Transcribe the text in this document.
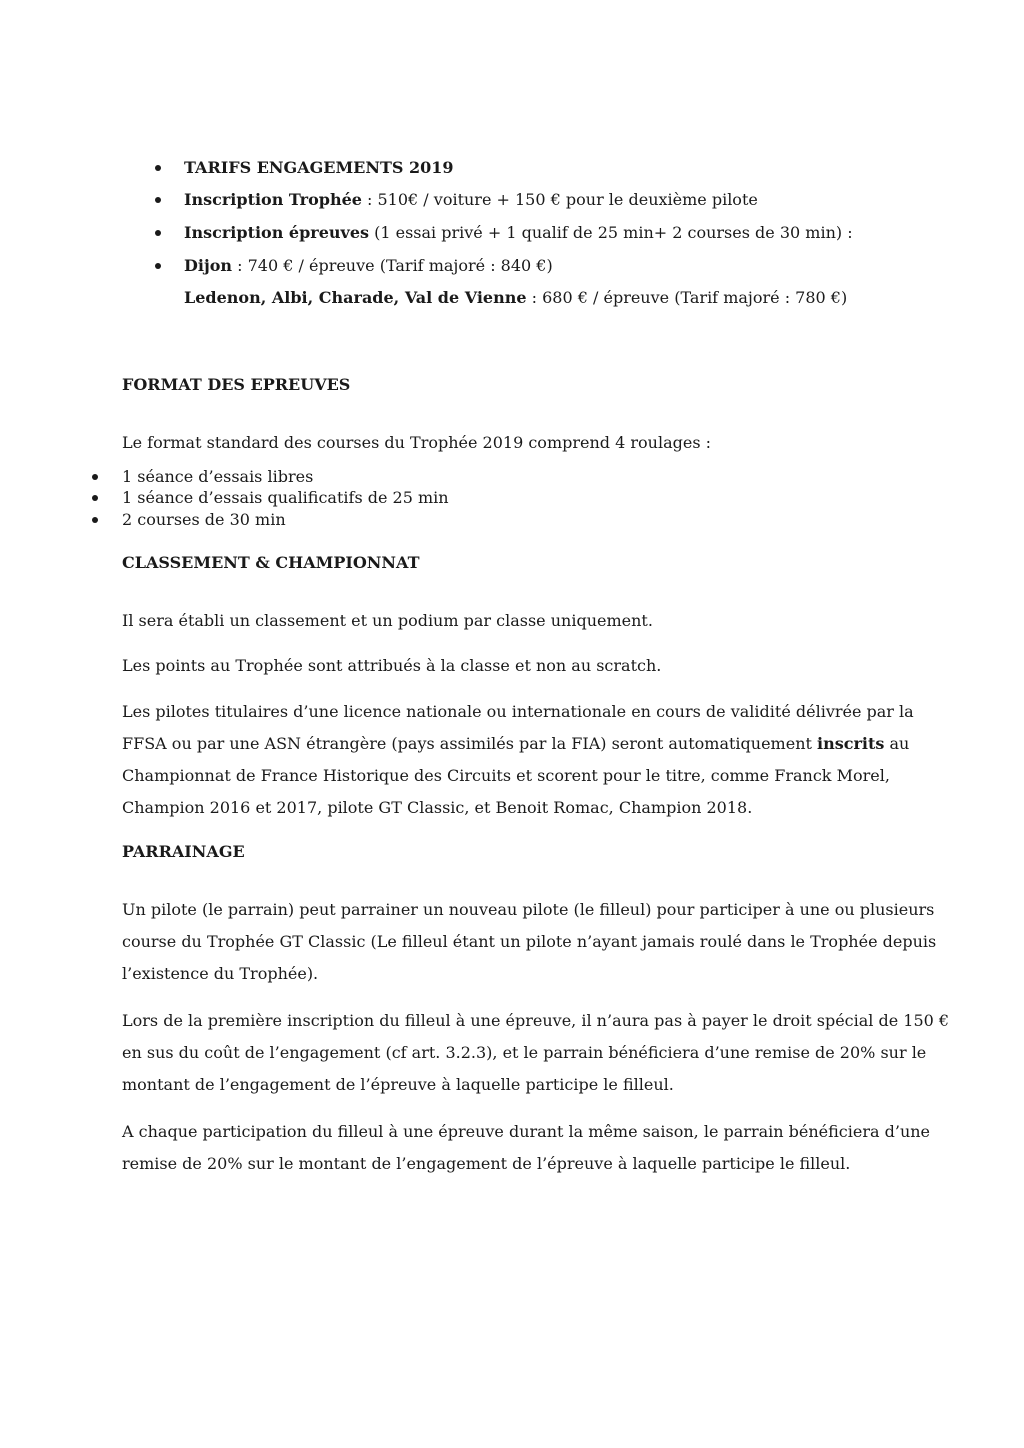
TARIFS ENGAGEMENTS 2019
Inscription Trophée : 510€ / voiture + 150 € pour le deuxième pilote
Inscription épreuves (1 essai privé + 1 qualif de 25 min+ 2 courses de 30 min) :
Dijon : 740 € / épreuve (Tarif majoré : 840 €)
Ledenon, Albi, Charade, Val de Vienne : 680 € / épreuve (Tarif majoré : 780 €)
FORMAT DES EPREUVES
Le format standard des courses du Trophée 2019 comprend 4 roulages :
1 séance d’essais libres
1 séance d’essais qualificatifs de 25 min
2 courses de 30 min
CLASSEMENT & CHAMPIONNAT
Il sera établi un classement et un podium par classe uniquement.
Les points au Trophée sont attribués à la classe et non au scratch.
Les pilotes titulaires d’une licence nationale ou internationale en cours de validité délivrée par la
FFSA ou par une ASN étrangère (pays assimilés par la FIA) seront automatiquement inscrits au
Championnat de France Historique des Circuits et scorent pour le titre, comme Franck Morel,
Champion 2016 et 2017, pilote GT Classic, et Benoit Romac, Champion 2018.
PARRAINAGE
Un pilote (le parrain) peut parrainer un nouveau pilote (le filleul) pour participer à une ou plusieurs
course du Trophée GT Classic (Le filleul étant un pilote n’ayant jamais roulé dans le Trophée depuis
l’existence du Trophée).
Lors de la première inscription du filleul à une épreuve, il n’aura pas à payer le droit spécial de 150 €
en sus du coût de l’engagement (cf art. 3.2.3), et le parrain bénéficiera d’une remise de 20% sur le
montant de l’engagement de l’épreuve à laquelle participe le filleul.
A chaque participation du filleul à une épreuve durant la même saison, le parrain bénéficiera d’une
remise de 20% sur le montant de l’engagement de l’épreuve à laquelle participe le filleul.
